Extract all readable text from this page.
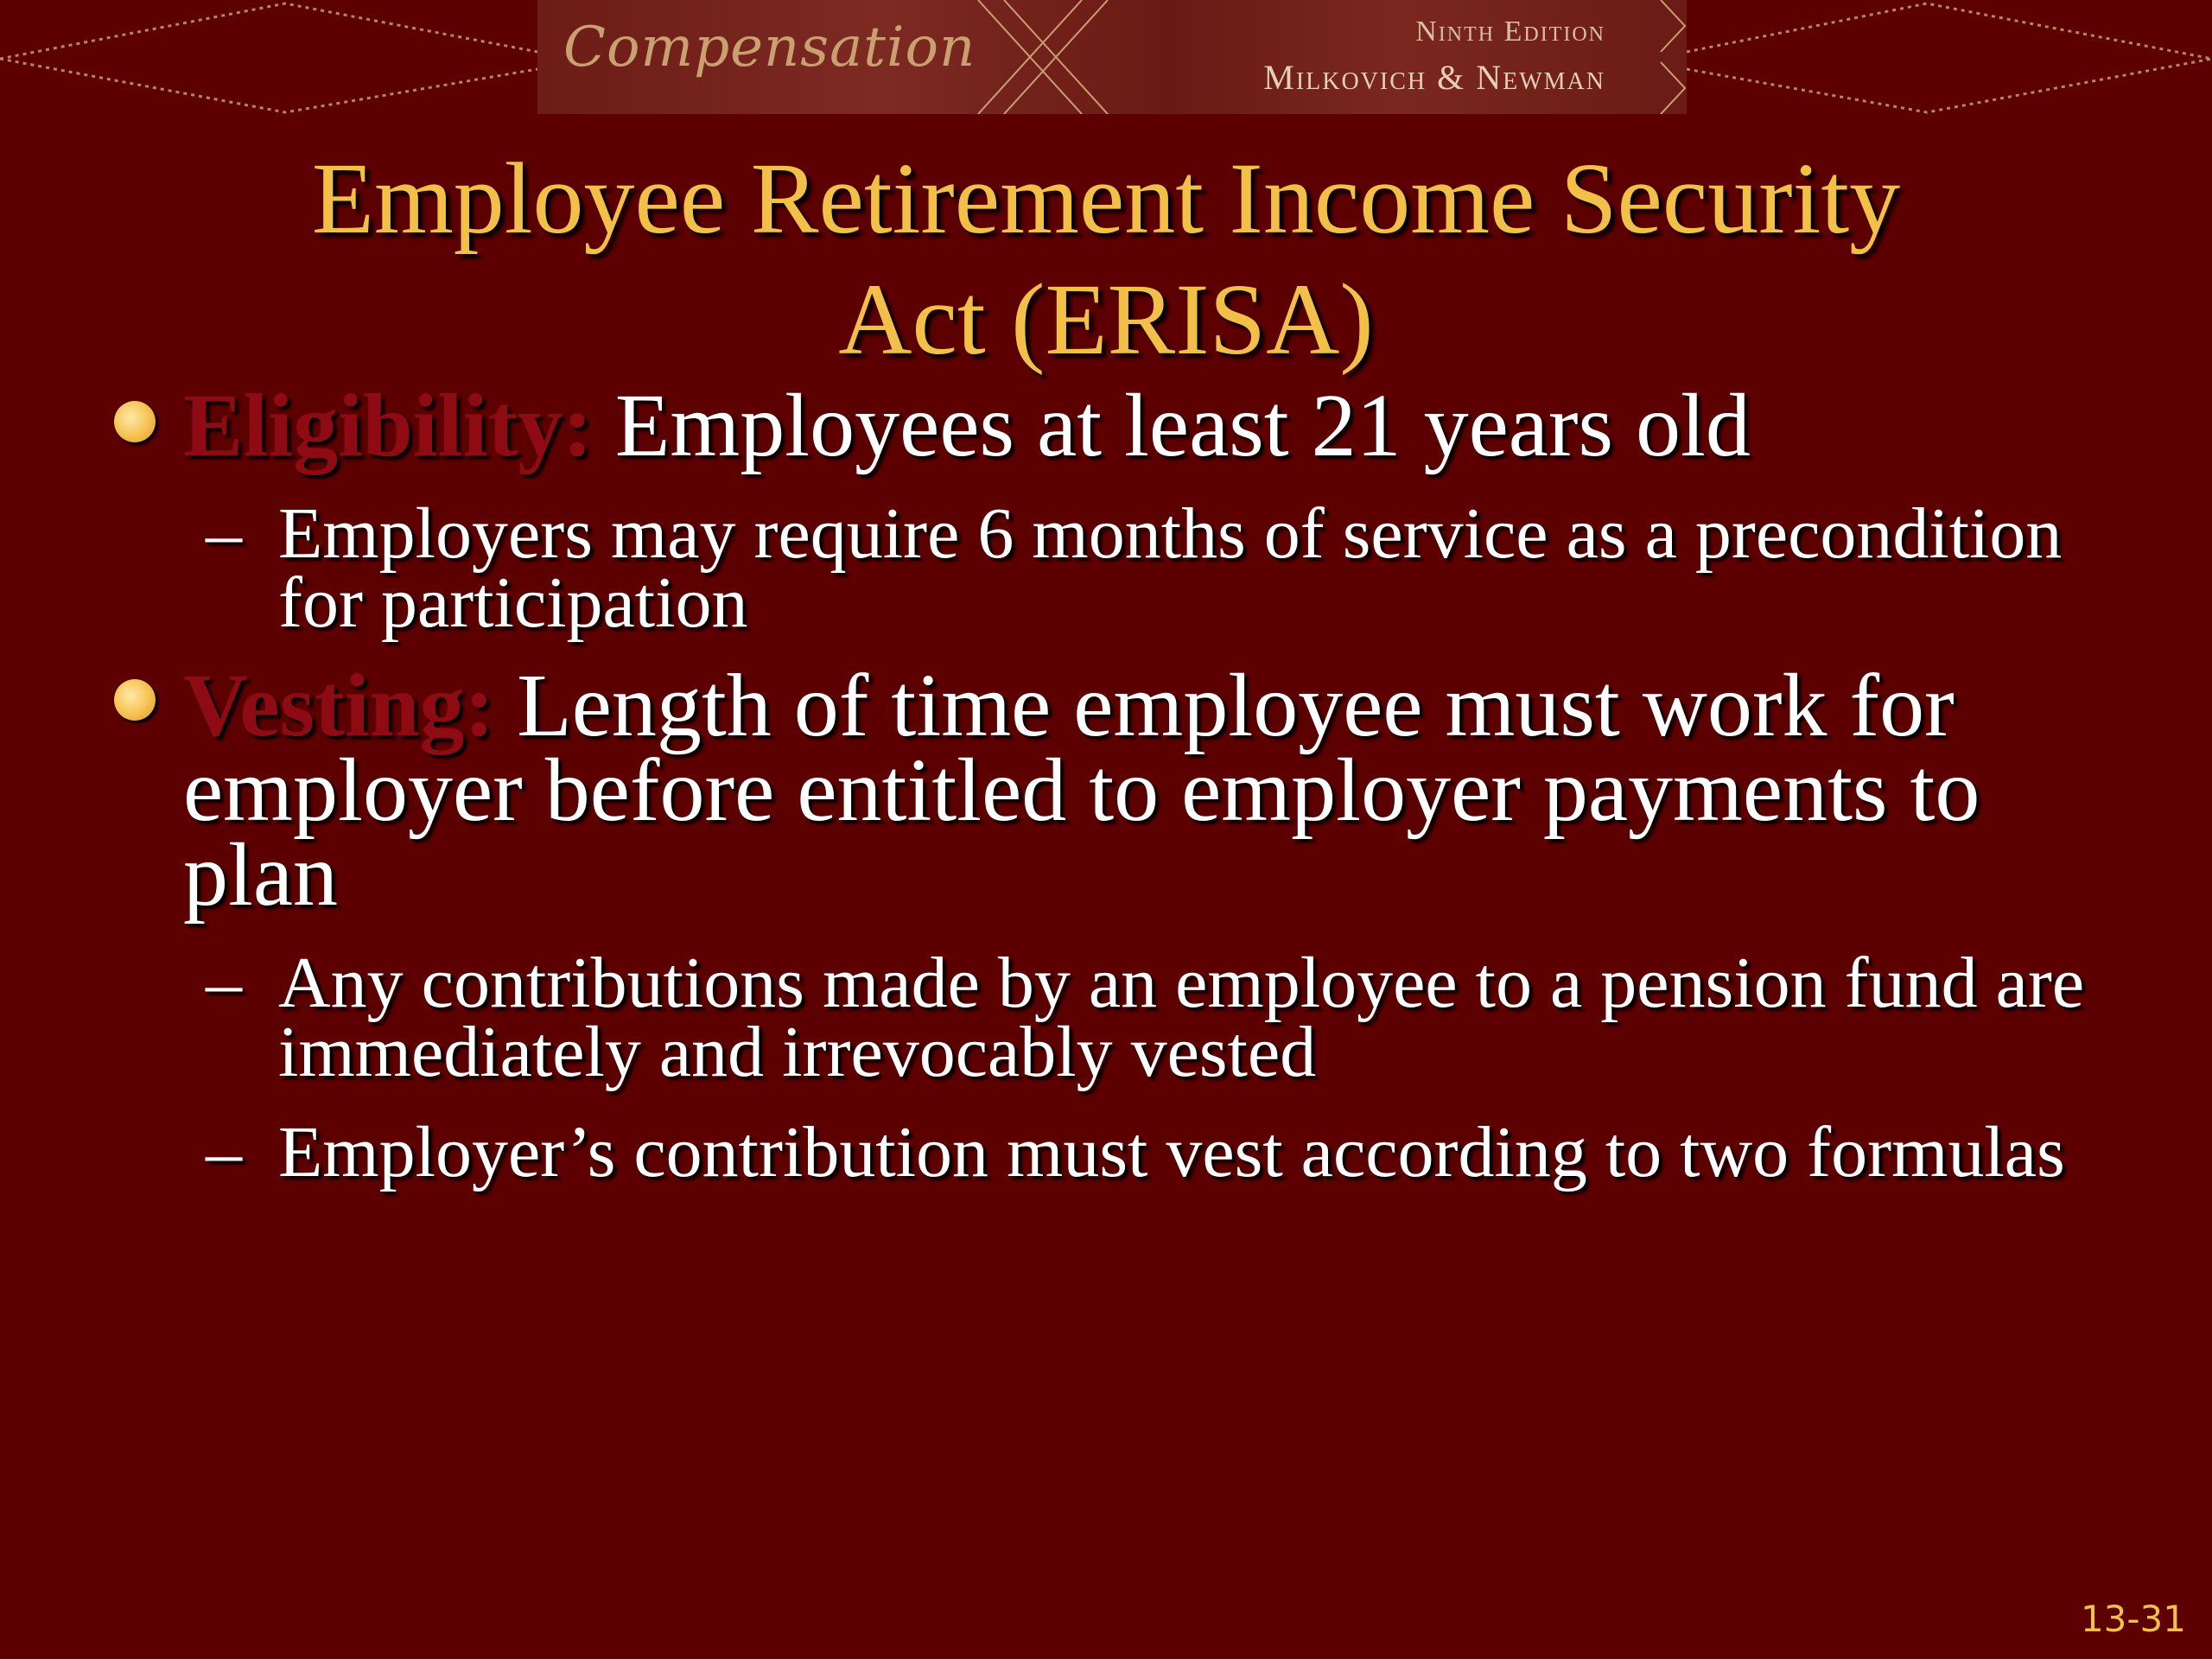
Compensation	Ninth Edition
Milkovich & Newman
Employee Retirement Income Security
Act (ERISA)
Eligibility: Employees at least 21 years old
– Employers may require 6 months of service as a precondition for participation
Vesting: Length of time employee must work for employer before entitled to employer payments to plan
– Any contributions made by an employee to a pension fund are immediately and irrevocably vested
– Employer’s contribution must vest according to two formulas
13-31
